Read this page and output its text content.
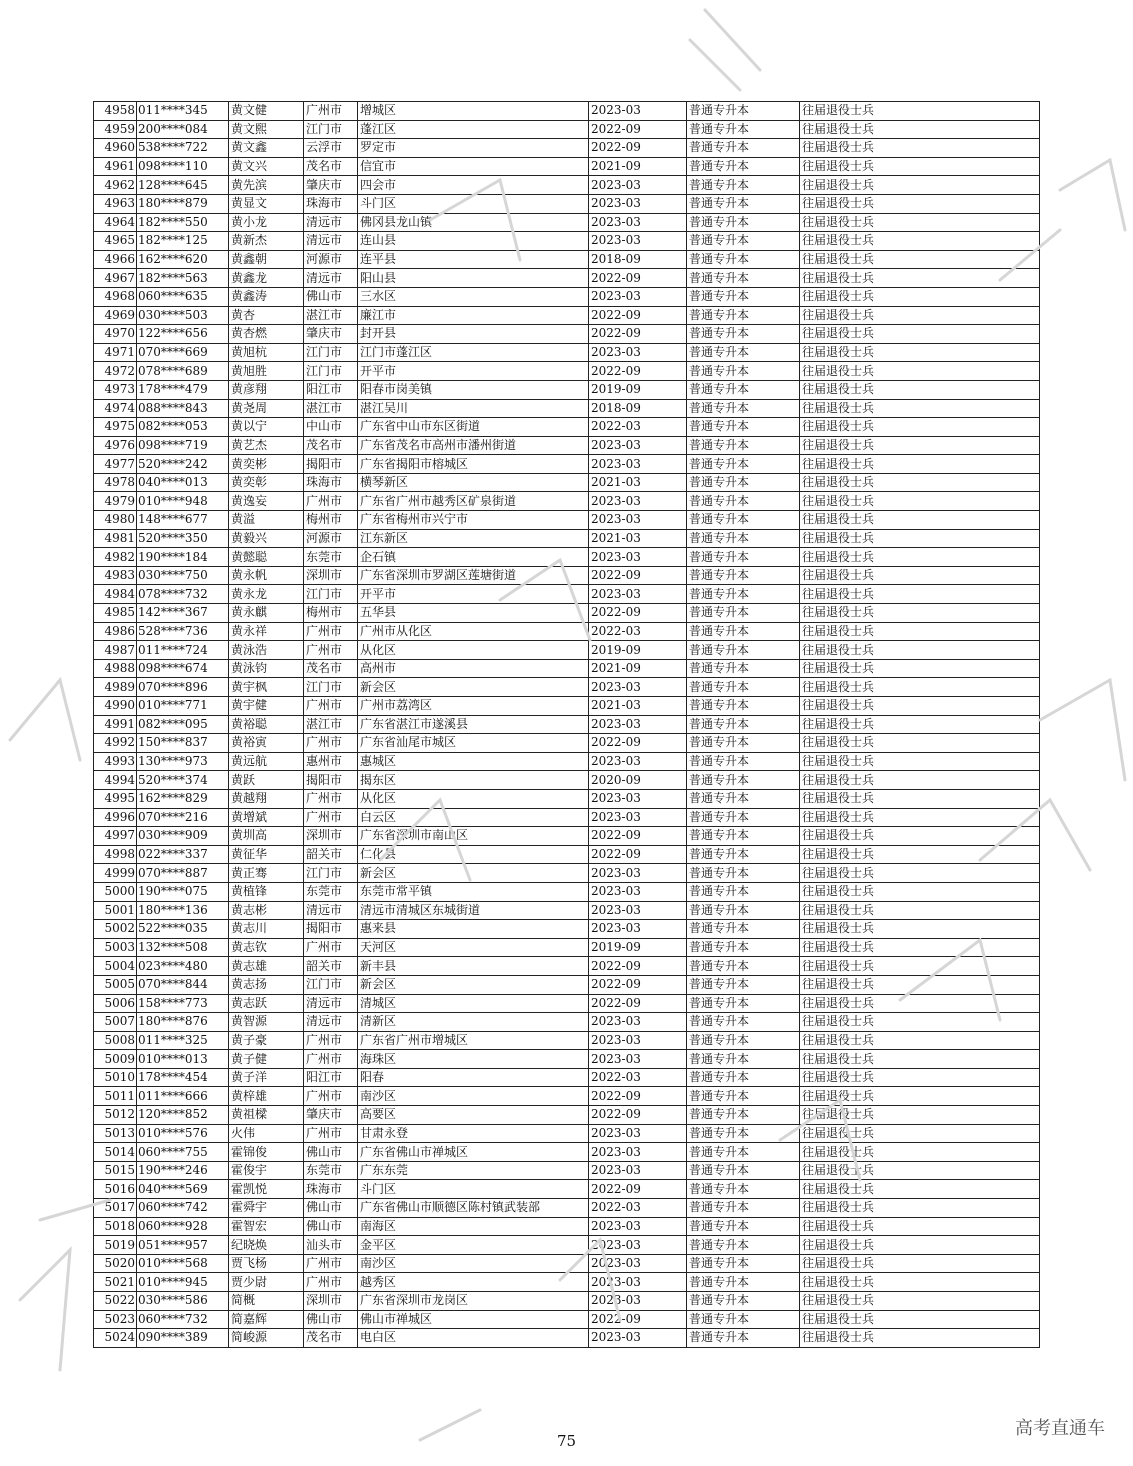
4958	011****345	黄文健	广州市	增城区	2023-03	普通专升本	往届退役士兵
4959	200****084	黄文熙	江门市	蓬江区	2022-09	普通专升本	往届退役士兵
4960	538****722	黄文鑫	云浮市	罗定市	2022-09	普通专升本	往届退役士兵
4961	098****110	黄文兴	茂名市	信宜市	2021-09	普通专升本	往届退役士兵
4962	128****645	黄先滨	肇庆市	四会市	2023-03	普通专升本	往届退役士兵
4963	180****879	黄显文	珠海市	斗门区	2023-03	普通专升本	往届退役士兵
4964	182****550	黄小龙	清远市	佛冈县龙山镇	2023-03	普通专升本	往届退役士兵
4965	182****125	黄新杰	清远市	连山县	2023-03	普通专升本	往届退役士兵
4966	162****620	黄鑫朝	河源市	连平县	2018-09	普通专升本	往届退役士兵
4967	182****563	黄鑫龙	清远市	阳山县	2022-09	普通专升本	往届退役士兵
4968	060****635	黄鑫涛	佛山市	三水区	2023-03	普通专升本	往届退役士兵
4969	030****503	黄杏	湛江市	廉江市	2022-09	普通专升本	往届退役士兵
4970	122****656	黄杏燃	肇庆市	封开县	2022-09	普通专升本	往届退役士兵
4971	070****669	黄旭杭	江门市	江门市蓬江区	2023-03	普通专升本	往届退役士兵
4972	078****689	黄旭胜	江门市	开平市	2022-09	普通专升本	往届退役士兵
4973	178****479	黄彦翔	阳江市	阳春市岗美镇	2019-09	普通专升本	往届退役士兵
4974	088****843	黄尧周	湛江市	湛江吴川	2018-09	普通专升本	往届退役士兵
4975	082****053	黄以宁	中山市	广东省中山市东区街道	2022-03	普通专升本	往届退役士兵
4976	098****719	黄艺杰	茂名市	广东省茂名市高州市潘州街道	2023-03	普通专升本	往届退役士兵
4977	520****242	黄奕彬	揭阳市	广东省揭阳市榕城区	2023-03	普通专升本	往届退役士兵
4978	040****013	黄奕彰	珠海市	横琴新区	2021-03	普通专升本	往届退役士兵
4979	010****948	黄逸妄	广州市	广东省广州市越秀区矿泉街道	2023-03	普通专升本	往届退役士兵
4980	148****677	黄溢	梅州市	广东省梅州市兴宁市	2023-03	普通专升本	往届退役士兵
4981	520****350	黄毅兴	河源市	江东新区	2021-03	普通专升本	往届退役士兵
4982	190****184	黄懿聪	东莞市	企石镇	2023-03	普通专升本	往届退役士兵
4983	030****750	黄永帆	深圳市	广东省深圳市罗湖区莲塘街道	2022-09	普通专升本	往届退役士兵
4984	078****732	黄永龙	江门市	开平市	2023-03	普通专升本	往届退役士兵
4985	142****367	黄永麒	梅州市	五华县	2022-09	普通专升本	往届退役士兵
4986	528****736	黄永祥	广州市	广州市从化区	2022-03	普通专升本	往届退役士兵
4987	011****724	黄泳浩	广州市	从化区	2019-09	普通专升本	往届退役士兵
4988	098****674	黄泳钧	茂名市	高州市	2021-09	普通专升本	往届退役士兵
4989	070****896	黄宇枫	江门市	新会区	2023-03	普通专升本	往届退役士兵
4990	010****771	黄宇健	广州市	广州市荔湾区	2021-03	普通专升本	往届退役士兵
4991	082****095	黄裕聪	湛江市	广东省湛江市遂溪县	2023-03	普通专升本	往届退役士兵
4992	150****837	黄裕寅	广州市	广东省汕尾市城区	2022-09	普通专升本	往届退役士兵
4993	130****973	黄远航	惠州市	惠城区	2023-03	普通专升本	往届退役士兵
4994	520****374	黄跃	揭阳市	揭东区	2020-09	普通专升本	往届退役士兵
4995	162****829	黄越翔	广州市	从化区	2023-03	普通专升本	往届退役士兵
4996	070****216	黄增斌	广州市	白云区	2023-03	普通专升本	往届退役士兵
4997	030****909	黄圳高	深圳市	广东省深圳市南山区	2022-09	普通专升本	往届退役士兵
4998	022****337	黄征华	韶关市	仁化县	2022-09	普通专升本	往届退役士兵
4999	070****887	黄正骞	江门市	新会区	2023-03	普通专升本	往届退役士兵
5000	190****075	黄植锋	东莞市	东莞市常平镇	2023-03	普通专升本	往届退役士兵
5001	180****136	黄志彬	清远市	清远市清城区东城街道	2023-03	普通专升本	往届退役士兵
5002	522****035	黄志川	揭阳市	惠来县	2023-03	普通专升本	往届退役士兵
5003	132****508	黄志钦	广州市	天河区	2019-09	普通专升本	往届退役士兵
5004	023****480	黄志雄	韶关市	新丰县	2022-09	普通专升本	往届退役士兵
5005	070****844	黄志扬	江门市	新会区	2022-09	普通专升本	往届退役士兵
5006	158****773	黄志跃	清远市	清城区	2022-09	普通专升本	往届退役士兵
5007	180****876	黄智源	清远市	清新区	2023-03	普通专升本	往届退役士兵
5008	011****325	黄子豪	广州市	广东省广州市增城区	2023-03	普通专升本	往届退役士兵
5009	010****013	黄子健	广州市	海珠区	2023-03	普通专升本	往届退役士兵
5010	178****454	黄子洋	阳江市	阳春	2022-03	普通专升本	往届退役士兵
5011	011****666	黄梓雄	广州市	南沙区	2022-09	普通专升本	往届退役士兵
5012	120****852	黄祖樑	肇庆市	高要区	2022-09	普通专升本	往届退役士兵
5013	010****576	火伟	广州市	甘肃永登	2023-03	普通专升本	往届退役士兵
5014	060****755	霍锦俊	佛山市	广东省佛山市禅城区	2023-03	普通专升本	往届退役士兵
5015	190****246	霍俊宇	东莞市	广东东莞	2023-03	普通专升本	往届退役士兵
5016	040****569	霍凯悦	珠海市	斗门区	2022-09	普通专升本	往届退役士兵
5017	060****742	霍舜宇	佛山市	广东省佛山市顺德区陈村镇武装部	2022-03	普通专升本	往届退役士兵
5018	060****928	霍智宏	佛山市	南海区	2023-03	普通专升本	往届退役士兵
5019	051****957	纪晓焕	汕头市	金平区	2023-03	普通专升本	往届退役士兵
5020	010****568	贾飞杨	广州市	南沙区	2023-03	普通专升本	往届退役士兵
5021	010****945	贾少尉	广州市	越秀区	2023-03	普通专升本	往届退役士兵
5022	030****586	简概	深圳市	广东省深圳市龙岗区	2023-03	普通专升本	往届退役士兵
5023	060****732	简嘉辉	佛山市	佛山市禅城区	2022-09	普通专升本	往届退役士兵
5024	090****389	简峻源	茂名市	电白区	2023-03	普通专升本	往届退役士兵
75
高考直通车
